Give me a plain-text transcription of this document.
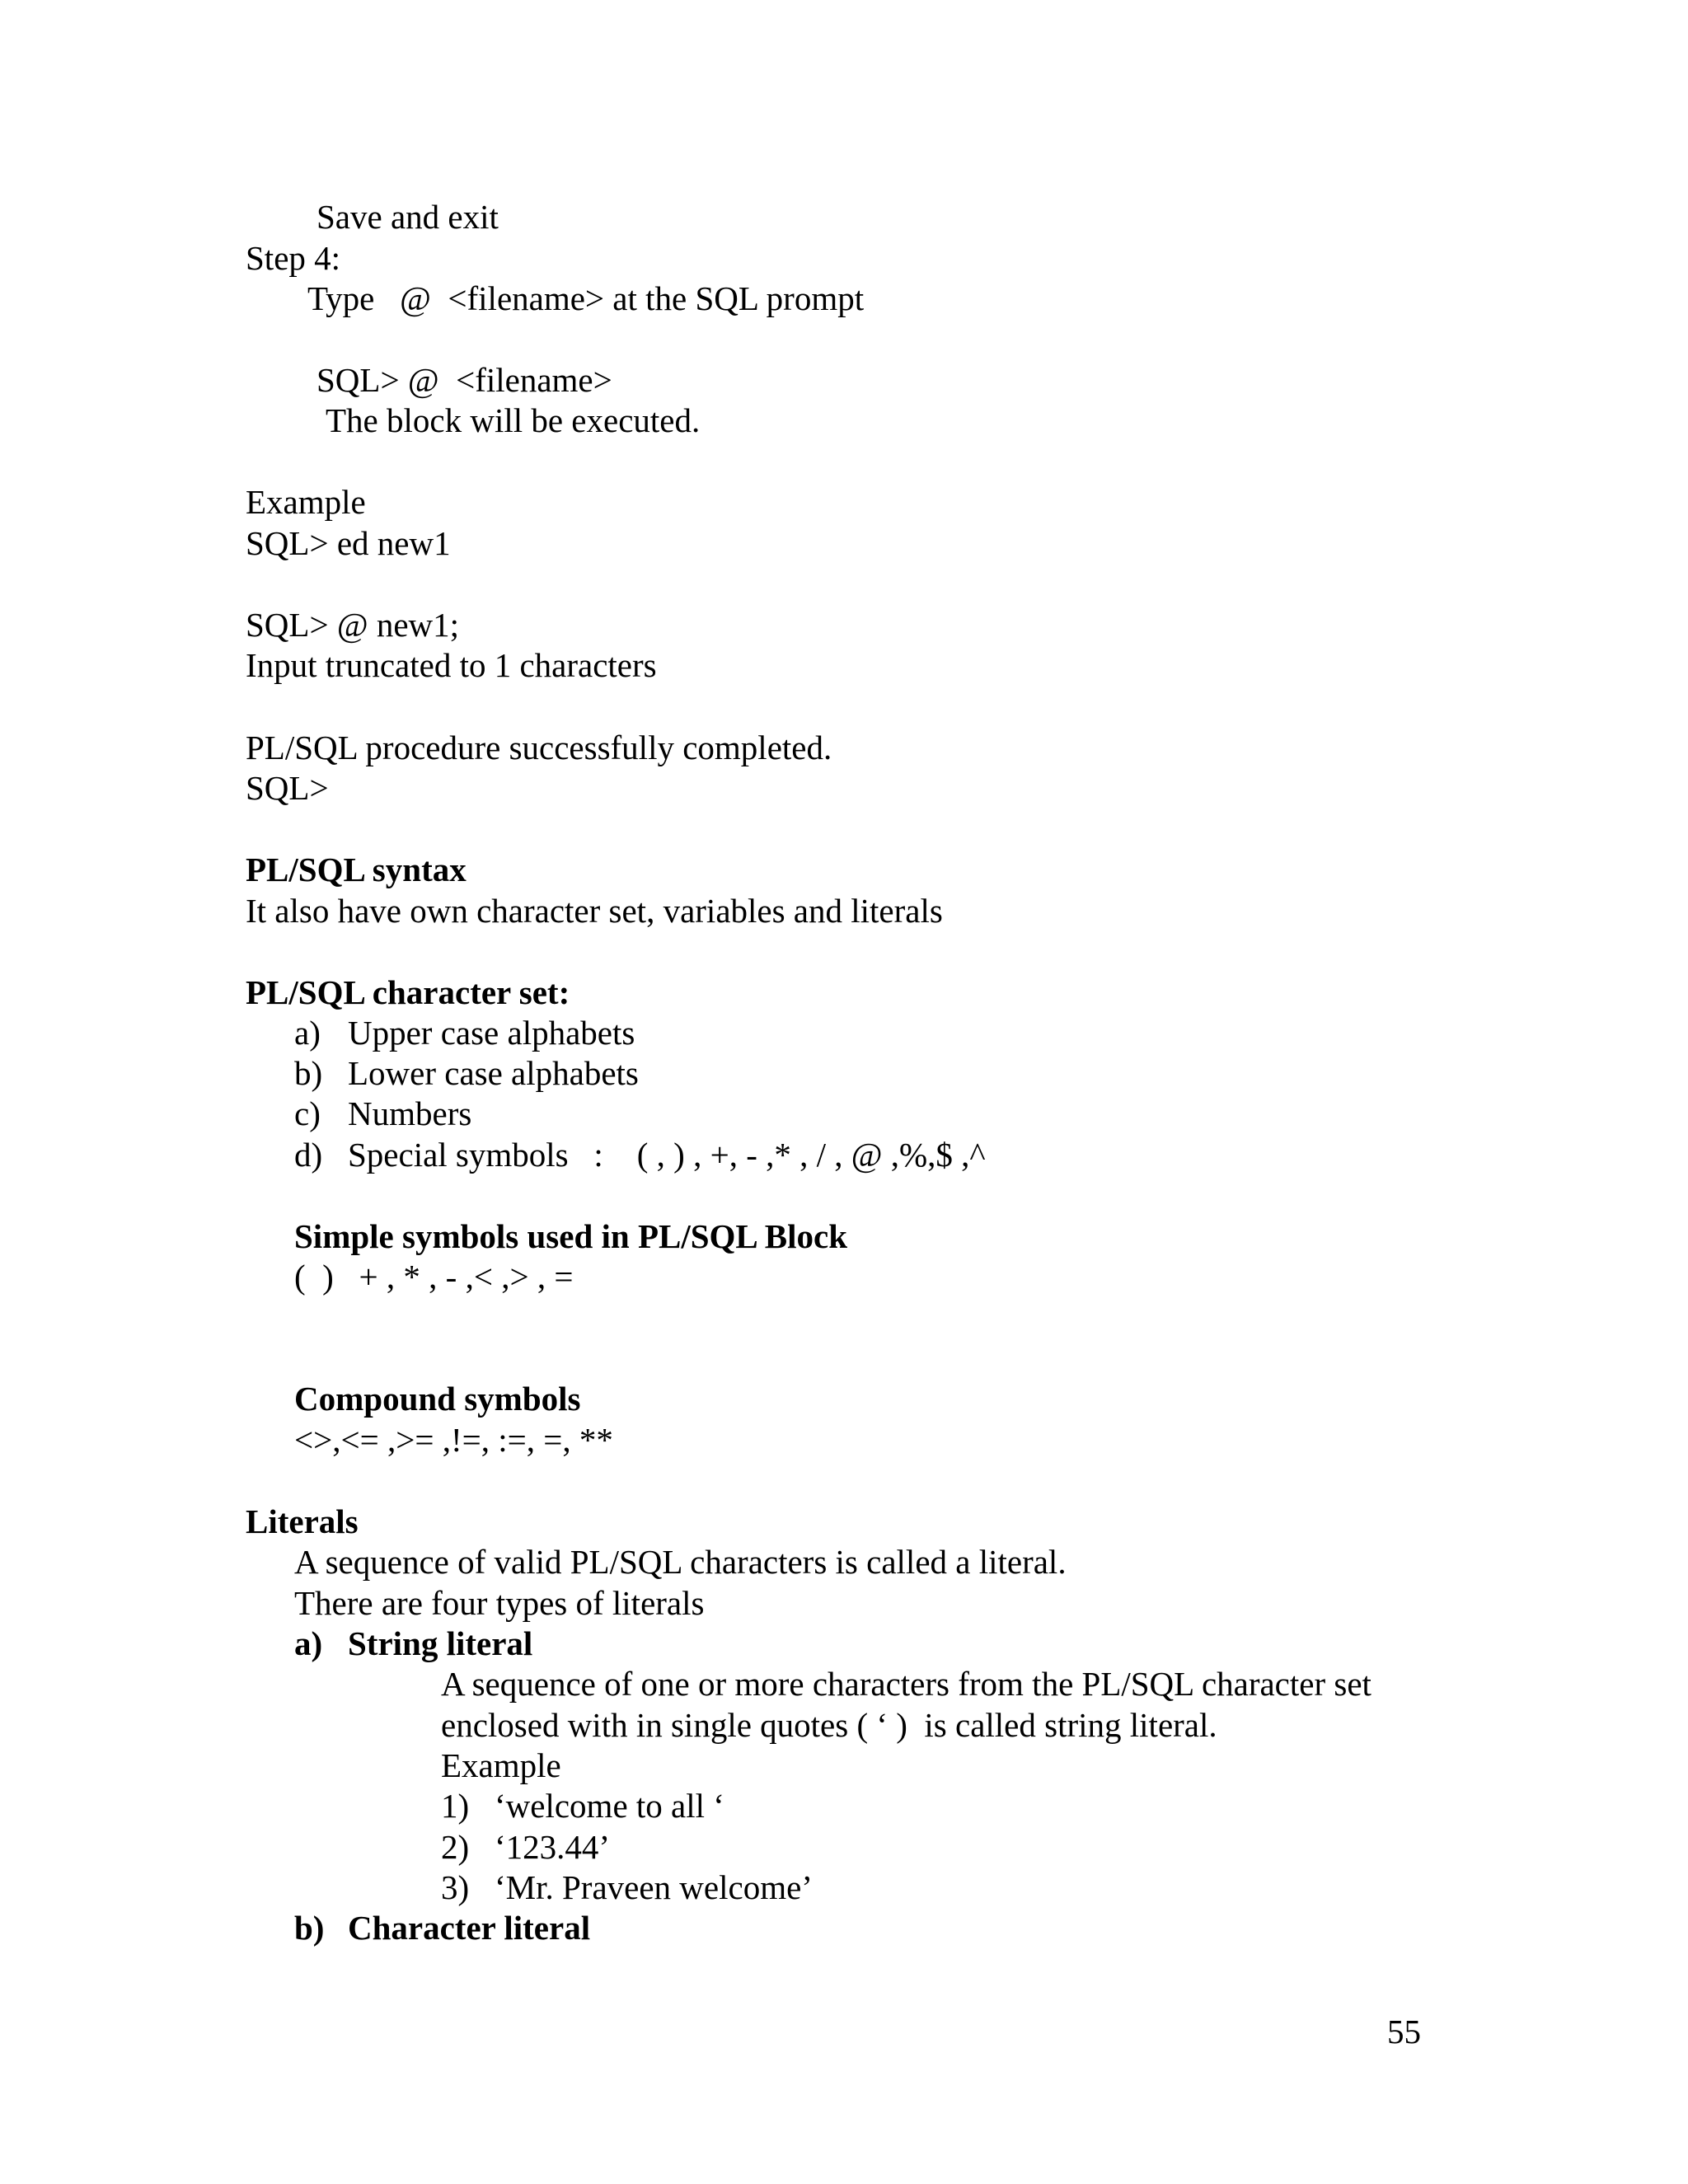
Save and exit
Step 4:
Type   @  <filename> at the SQL prompt
SQL> @  <filename>
The block will be executed.
Example
SQL> ed new1
SQL> @ new1;
Input truncated to 1 characters
PL/SQL procedure successfully completed.
SQL>
PL/SQL syntax
It also have own character set, variables and literals
PL/SQL character set:
a) Upper case alphabets
b) Lower case alphabets
c) Numbers
d) Special symbols   :    ( , ) , +, - ,* , / , @ ,%,$ ,^
Simple symbols used in PL/SQL Block
(  )   + , * , - ,< ,> , =
Compound symbols
<>,<= ,>= ,!=, :=, =, **
Literals
A sequence of valid PL/SQL characters is called a literal.
There are four types of literals
a) String literal
A sequence of one or more characters from the PL/SQL character set
enclosed with in single quotes ( ‘ )  is called string literal.
Example
1) ‘welcome to all ‘
2) ‘123.44’
3) ‘Mr. Praveen welcome’
b) Character literal
55
